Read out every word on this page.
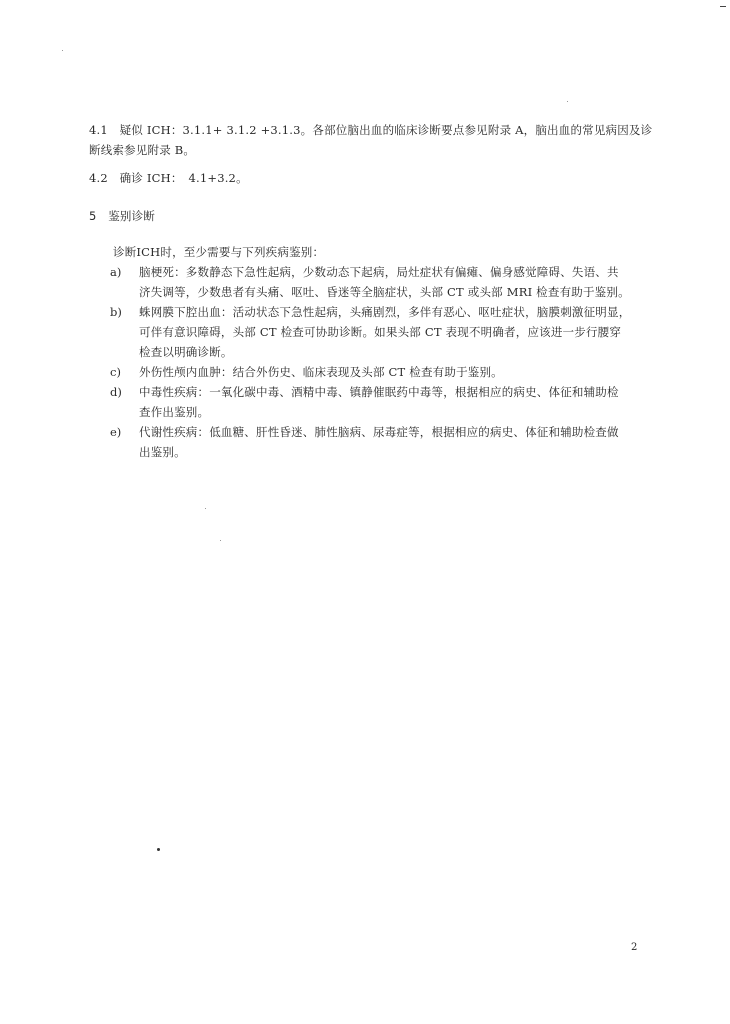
4.1　疑似 ICH：3.1.1+ 3.1.2 +3.1.3。各部位脑出血的临床诊断要点参见附录 A，脑出血的常见病因及诊
断线索参见附录 B。
4.2　确诊 ICH：　4.1+3.2。
5　鉴别诊断
诊断ICH时，至少需要与下列疾病鉴别：
a) 脑梗死：多数静态下急性起病，少数动态下起病，局灶症状有偏瘫、偏身感觉障碍、失语、共
济失调等，少数患者有头痛、呕吐、昏迷等全脑症状，头部 CT 或头部 MRI 检查有助于鉴别。
b) 蛛网膜下腔出血：活动状态下急性起病，头痛剧烈，多伴有恶心、呕吐症状，脑膜刺激征明显，
可伴有意识障碍，头部 CT 检查可协助诊断。如果头部 CT 表现不明确者，应该进一步行腰穿
检查以明确诊断。
c) 外伤性颅内血肿：结合外伤史、临床表现及头部 CT 检查有助于鉴别。
d) 中毒性疾病：一氧化碳中毒、酒精中毒、镇静催眠药中毒等，根据相应的病史、体征和辅助检
查作出鉴别。
e) 代谢性疾病：低血糖、肝性昏迷、肺性脑病、尿毒症等，根据相应的病史、体征和辅助检查做
出鉴别。
2
